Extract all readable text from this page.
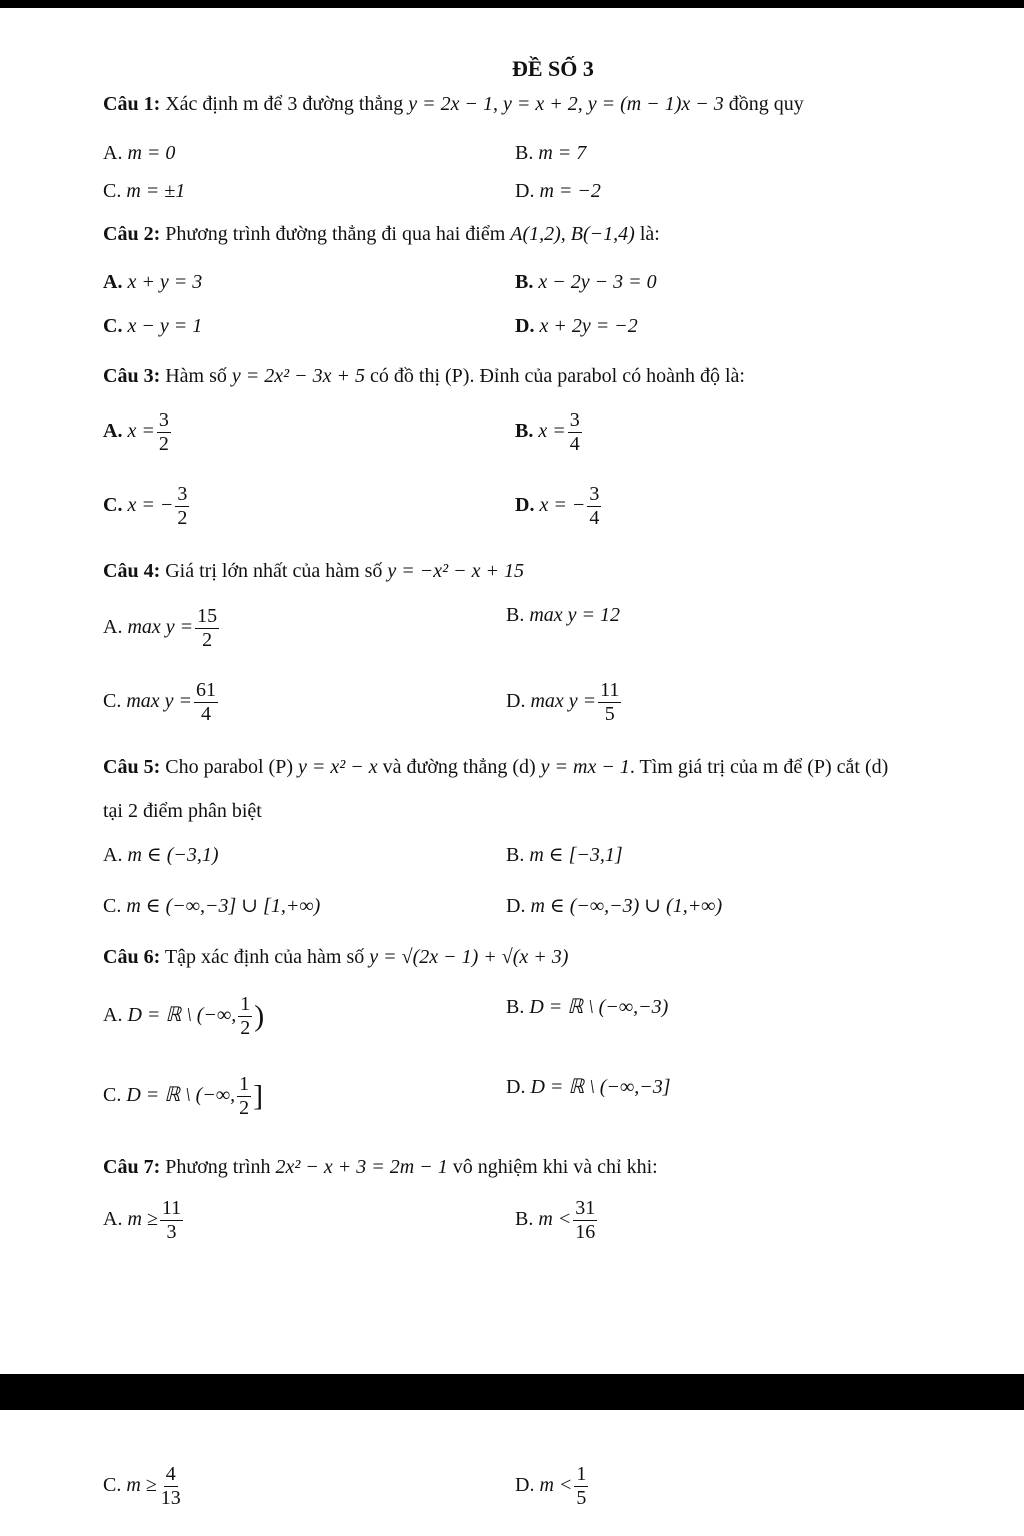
ĐỀ SỐ 3
Câu 1: Xác định m để 3 đường thẳng y = 2x − 1, y = x + 2, y = (m − 1)x − 3 đồng quy
A. m = 0	B. m = 7
C. m = ±1	D. m = −2
Câu 2: Phương trình đường thẳng đi qua hai điểm A(1,2), B(−1,4) là:
A. x + y = 3	B. x − 2y − 3 = 0
C. x − y = 1	D. x + 2y = −2
Câu 3: Hàm số y = 2x² − 3x + 5 có đồ thị (P). Đỉnh của parabol có hoành độ là:
A. $x = \frac{3}{2}$	B. $x = \frac{3}{4}$
C. x = − $\frac{3}{2}$	D. x = − $\frac{3}{4}$
Câu 4: Giá trị lớn nhất của hàm số y = −x² − x + 15
A. $\max y = \frac{15}{2}$	B. max y = 12
C. $\max y = \frac{61}{4}$	D. $\max y = \frac{11}{5}$
Câu 5: Cho parabol (P) y = x² − x và đường thẳng (d) y = mx − 1. Tìm giá trị của m để (P) cắt (d)
tại 2 điểm phân biệt
A. m ∈ (−3,1)	B. m ∈ [−3,1]
C. m ∈ (−∞,−3] ∪ [1,+∞)	D. m ∈ (−∞,−3) ∪ (1,+∞)
Câu 6: Tập xác định của hàm số y = √(2x − 1) + √(x + 3)
A. D = ℝ \ (−∞, $\frac{1}{2}$ )	B. D = ℝ \ (−∞,−3)
C. D = ℝ \ (−∞, $\frac{1}{2}$ ]	D. D = ℝ \ (−∞,−3]
Câu 7: Phương trình 2x² − x + 3 = 2m − 1 vô nghiệm khi và chỉ khi:
A. $m \ge \frac{11}{3}$	B. $m < \frac{31}{16}$
C. $m \ge \frac{4}{13}$	D. $m < \frac{1}{5}$
